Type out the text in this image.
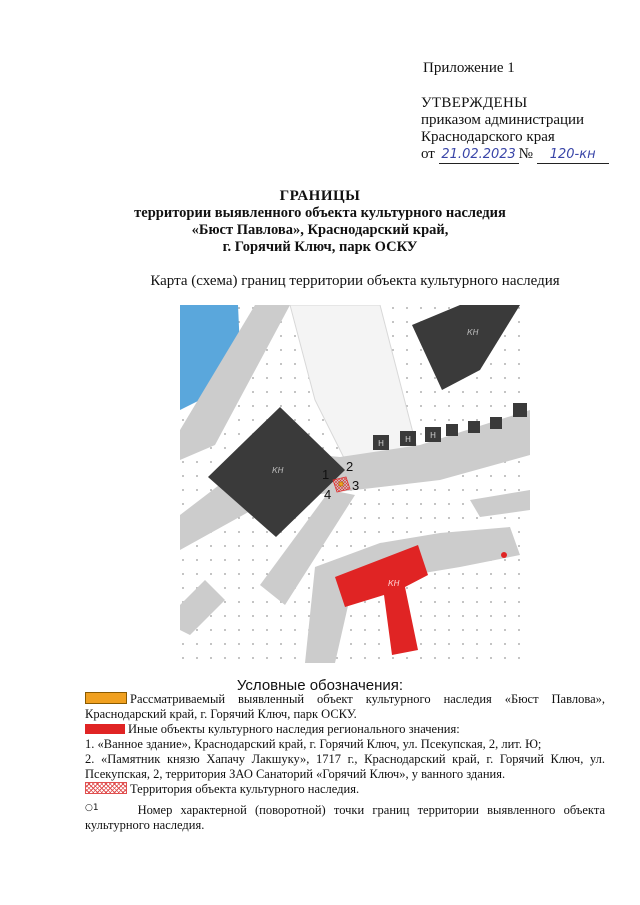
Приложение 1
УТВЕРЖДЕНЫ
приказом администрации
Краснодарского края
от 21.02.2023 № 120-кн
ГРАНИЦЫ
территории выявленного объекта культурного наследия
«Бюст Павлова», Краснодарский край,
г. Горячий Ключ, парк ОСКУ
Карта (схема) границ территории объекта культурного наследия
КН
КН
Н	Н Н
КН
1
2
3
4
Условные обозначения:

Рассматриваемый выявленный объект культурного наследия «Бюст Павлова», Краснодарский край, г. Горячий Ключ, парк ОСКУ.

Иные объекты культурного наследия регионального значения:

1. «Ванное здание», Краснодарский край, г. Горячий Ключ, ул. Псекупская, 2, лит. Ю;

2. «Памятник князю Хапачу Лакшуку», 1717 г., Краснодарский край, г. Горячий Ключ, ул. Псекупская, 2, территория ЗАО Санаторий «Горячий Ключ», у ванного здания.

Территория объекта культурного наследия.

○1	Номер характерной (поворотной) точки границ территории выявленного объекта культурного наследия.
